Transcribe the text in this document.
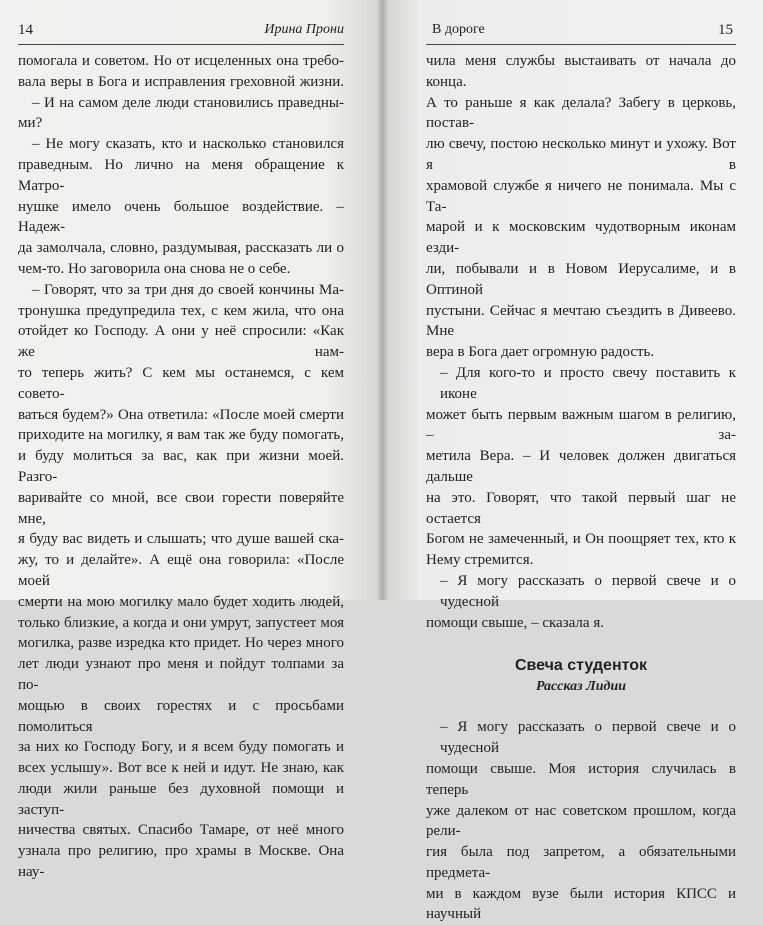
14	Ирина Прони
помогала и советом. Но от исцеленных она требо-
вала веры в Бога и исправления греховной жизни.
– И на самом деле люди становились праведны-
ми?
– Не могу сказать, кто и насколько становился
праведным. Но лично на меня обращение к Матро-
нушке имело очень большое воздействие. – Надеж-
да замолчала, словно, раздумывая, рассказать ли о
чем-то. Но заговорила она снова не о себе.
– Говорят, что за три дня до своей кончины Ма-
тронушка предупредила тех, с кем жила, что она
отойдет ко Господу. А они у неё спросили: «Как же нам-
то теперь жить? С кем мы останемся, с кем совето-
ваться будем?» Она ответила: «После моей смерти
приходите на могилку, я вам так же буду помогать,
и буду молиться за вас, как при жизни моей. Разго-
варивайте со мной, все свои горести поверяйте мне,
я буду вас видеть и слышать; что душе вашей ска-
жу, то и делайте». А ещё она говорила: «После моей
смерти на мою могилку мало будет ходить людей,
только близкие, а когда и они умрут, запустеет моя
могилка, разве изредка кто придет. Но через много
лет люди узнают про меня и пойдут толпами за по-
мощью в своих горестях и с просьбами помолиться
за них ко Господу Богу, и я всем буду помогать и
всех услышу». Вот все к ней и идут. Не знаю, как
люди жили раньше без духовной помощи и заступ-
ничества святых. Спасибо Тамаре, от неё много
узнала про религию, про храмы в Москве. Она нау-
В дороге	15
чила меня службы выстаивать от начала до конца.
А то раньше я как делала? Забегу в церковь, постав-
лю свечу, постою несколько минут и ухожу. Вот я в
храмовой службе я ничего не понимала. Мы с Та-
марой и к московским чудотворным иконам езди-
ли, побывали и в Новом Иерусалиме, и в Оптиной
пустыни. Сейчас я мечтаю съездить в Дивеево. Мне
вера в Бога дает огромную радость.
– Для кого-то и просто свечу поставить к иконе
может быть первым важным шагом в религию, – за-
метила Вера. – И человек должен двигаться дальше
на это. Говорят, что такой первый шаг не остается
Богом не замеченный, и Он поощряет тех, кто к
Нему стремится.
– Я могу рассказать о первой свече и о чудесной
помощи свыше, – сказала я.
Свеча студенток
Рассказ Лидии
– Я могу рассказать о первой свече и о чудесной
помощи свыше. Моя история случилась в теперь
уже далеком от нас советском прошлом, когда рели-
гия была под запретом, а обязательными предмета-
ми в каждом вузе были история КПСС и научный
